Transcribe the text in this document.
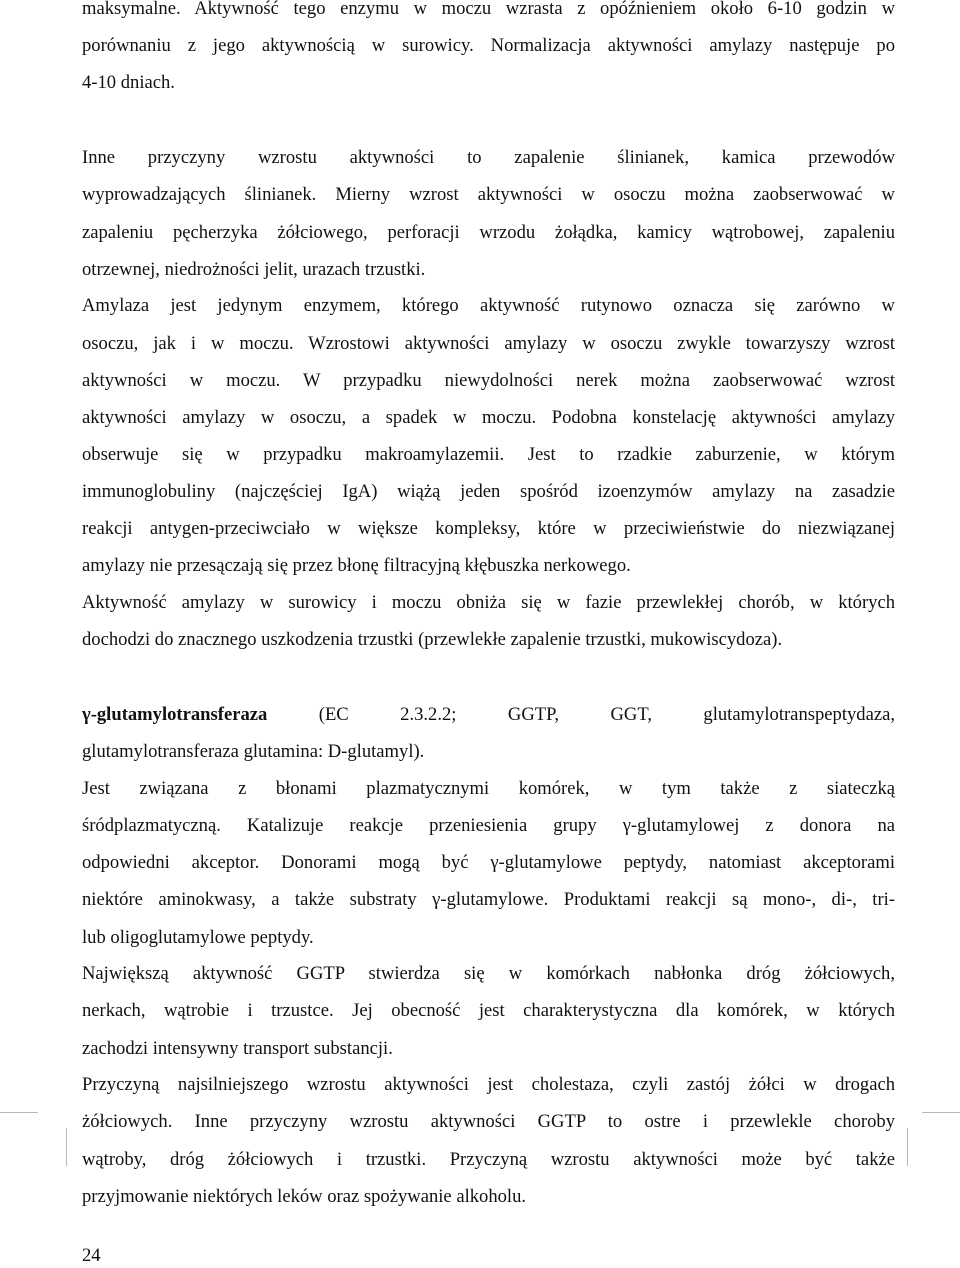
maksymalne. Aktywność tego enzymu w moczu wzrasta z opóźnieniem około 6-10 godzin w
porównaniu z jego aktywnością w surowicy. Normalizacja aktywności amylazy następuje po
4-10 dniach.
Inne przyczyny wzrostu aktywności to zapalenie ślinianek, kamica przewodów
wyprowadzających ślinianek. Mierny wzrost aktywności w osoczu można zaobserwować w
zapaleniu pęcherzyka żółciowego, perforacji wrzodu żołądka, kamicy wątrobowej, zapaleniu
otrzewnej, niedrożności jelit, urazach trzustki.
Amylaza jest jedynym enzymem, którego aktywność rutynowo oznacza się zarówno w
osoczu, jak i w moczu. Wzrostowi aktywności amylazy w osoczu zwykle towarzyszy wzrost
aktywności w moczu. W przypadku niewydolności nerek można zaobserwować wzrost
aktywności amylazy w osoczu, a spadek w moczu. Podobna konstelację aktywności amylazy
obserwuje się w przypadku makroamylazemii. Jest to rzadkie zaburzenie, w którym
immunoglobuliny (najczęściej IgA) wiążą jeden spośród izoenzymów amylazy na zasadzie
reakcji antygen-przeciwciało w większe kompleksy, które w przeciwieństwie do niezwiązanej
amylazy nie przesączają się przez błonę filtracyjną kłębuszka nerkowego.
Aktywność amylazy w surowicy i moczu obniża się w fazie przewlekłej chorób, w których
dochodzi do znacznego uszkodzenia trzustki (przewlekłe zapalenie trzustki, mukowiscydoza).
γ-glutamylotransferaza (EC 2.3.2.2; GGTP, GGT, glutamylotranspeptydaza,
glutamylotransferaza glutamina: D-glutamyl).
Jest związana z błonami plazmatycznymi komórek, w tym także z siateczką
śródplazmatyczną. Katalizuje reakcje przeniesienia grupy γ-glutamylowej z donora na
odpowiedni akceptor. Donorami mogą być γ-glutamylowe peptydy, natomiast akceptorami
niektóre aminokwasy, a także substraty γ-glutamylowe. Produktami reakcji są mono-, di-, tri-
lub oligoglutamylowe peptydy.
Największą aktywność GGTP stwierdza się w komórkach nabłonka dróg żółciowych,
nerkach, wątrobie i trzustce. Jej obecność jest charakterystyczna dla komórek, w których
zachodzi intensywny transport substancji.
Przyczyną najsilniejszego wzrostu aktywności jest cholestaza, czyli zastój żółci w drogach
żółciowych. Inne przyczyny wzrostu aktywności GGTP to ostre i przewlekle choroby
wątroby, dróg żółciowych i trzustki. Przyczyną wzrostu aktywności może być także
przyjmowanie niektórych leków oraz spożywanie alkoholu.
24
